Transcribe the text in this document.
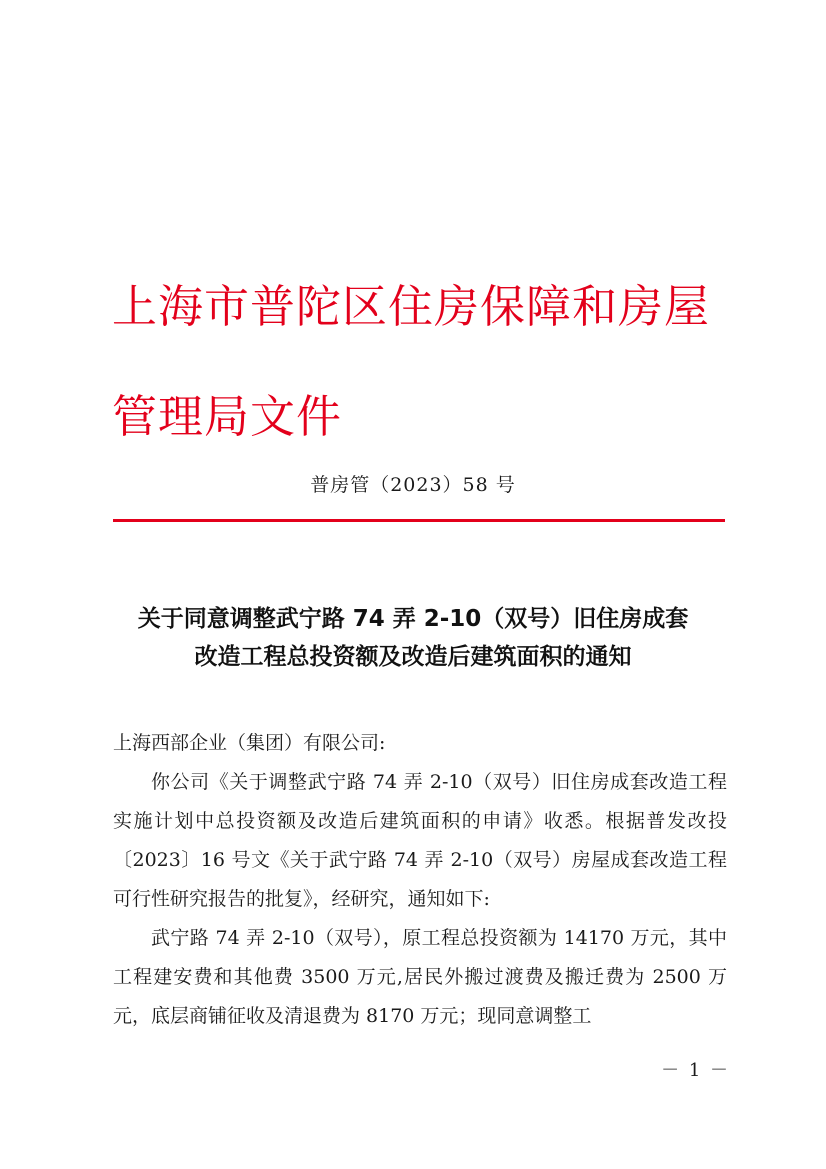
上海市普陀区住房保障和房屋管理局文件
普房管（2023）58 号
关于同意调整武宁路 74 弄 2-10（双号）旧住房成套
改造工程总投资额及改造后建筑面积的通知

上海西部企业（集团）有限公司:

你公司《关于调整武宁路 74 弄 2-10（双号）旧住房成套改造工程实施计划中总投资额及改造后建筑面积的申请》收悉。根据普发改投〔2023〕16 号文《关于武宁路 74 弄 2-10（双号）房屋成套改造工程可行性研究报告的批复》，经研究，通知如下:

武宁路 74 弄 2-10（双号），原工程总投资额为 14170 万元，其中工程建安费和其他费 3500 万元,居民外搬过渡费及搬迁费为 2500 万元，底层商铺征收及清退费为 8170 万元；现同意调整工

－ 1 －
